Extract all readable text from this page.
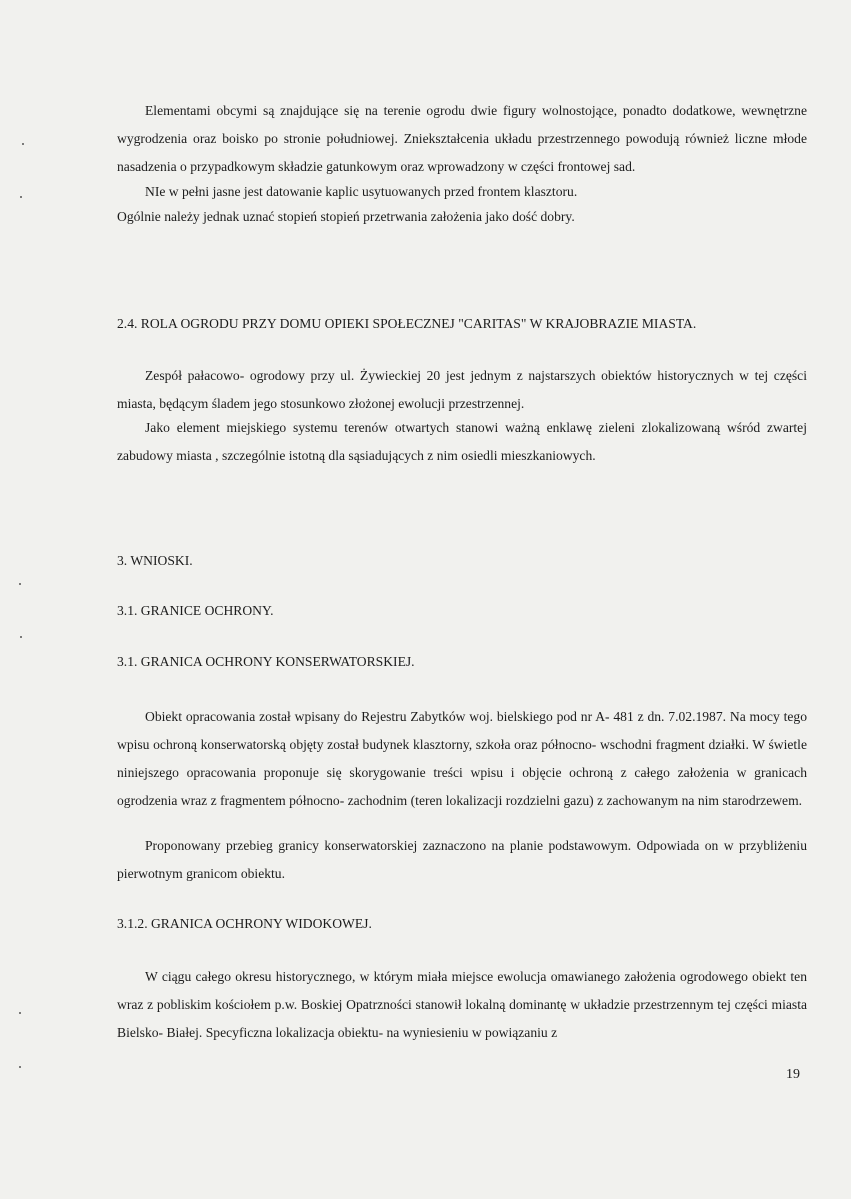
Elementami obcymi są znajdujące się na terenie ogrodu dwie figury wolnostojące, ponadto dodatkowe, wewnętrzne wygrodzenia oraz boisko po stronie południowej. Zniekształcenia układu przestrzennego powodują również liczne młode nasadzenia o przypadkowym składzie gatunkowym oraz wprowadzony w części frontowej sad.

NIe w pełni jasne jest datowanie kaplic usytuowanych przed frontem klasztoru.

Ogólnie należy jednak uznać stopień stopień przetrwania założenia jako dość dobry.

2.4. ROLA OGRODU PRZY DOMU OPIEKI SPOŁECZNEJ "CARITAS" W KRAJOBRAZIE MIASTA.

Zespół pałacowo- ogrodowy przy ul. Żywieckiej 20 jest jednym z najstarszych obiektów historycznych w tej części miasta, będącym śladem jego stosunkowo złożonej ewolucji przestrzennej.

Jako element miejskiego systemu terenów otwartych stanowi ważną enklawę zieleni zlokalizowaną wśród zwartej zabudowy miasta , szczególnie istotną dla sąsiadujących z nim osiedli mieszkaniowych.

3. WNIOSKI.

3.1. GRANICE OCHRONY.

3.1. GRANICA OCHRONY KONSERWATORSKIEJ.

Obiekt opracowania został wpisany do Rejestru Zabytków woj. bielskiego pod nr A- 481 z dn. 7.02.1987. Na mocy tego wpisu ochroną konserwatorską objęty został budynek klasztorny, szkoła oraz północno- wschodni fragment działki. W świetle niniejszego opracowania proponuje się skorygowanie treści wpisu i objęcie ochroną z całego założenia w granicach ogrodzenia wraz z fragmentem północno- zachodnim (teren lokalizacji rozdzielni gazu) z zachowanym na nim starodrzewem.

Proponowany przebieg granicy konserwatorskiej zaznaczono na planie podstawowym. Odpowiada on w przybliżeniu pierwotnym granicom obiektu.

3.1.2. GRANICA OCHRONY WIDOKOWEJ.

W ciągu całego okresu historycznego, w którym miała miejsce ewolucja omawianego założenia ogrodowego obiekt ten wraz z pobliskim kościołem p.w. Boskiej Opatrzności stanowił lokalną dominantę w układzie przestrzennym tej części miasta Bielsko- Białej. Specyficzna lokalizacja obiektu- na wyniesieniu w powiązaniu z

19
